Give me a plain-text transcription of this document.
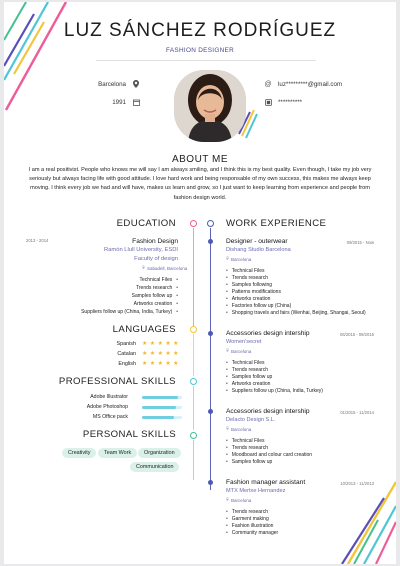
LUZ SÁNCHEZ RODRÍGUEZ
FASHION DESIGNER
Barcelona
1991
@ luz*********@gmail.com
**********
ABOUT ME
I am a real positivist. People who knows me will say I am always smiling, and I think this is my best quality. Even though, I take my job very seriously but always facing life with good attitude. I love hard work and being responsable of my own success, this makes me always keep moving. I think every job we had and will have, makes us learn and grow, so I just want to keep learning from experience and people from fashion design world.
EDUCATION	WORK EXPERIENCE
2013 - 2014	Fashion Design
Ramón Llull University, ESDI
Faculty of design
⌾ Sabadell, Barcelona
Technical Files •
Trends research •
Samples follow up •
Artworks creation •
Suppliers follow up (China, India, Turkey) •
LANGUAGES
Spanish ★ ★ ★ ★ ★
Catalan ★ ★ ★ ★ ★
English ★ ★ ★ ★ ★
PROFESSIONAL SKILLS
Adobe Illustrator
Adobe Photoshop
MS Office pack
PERSONAL SKILLS
Creativity	Team Work	Organization
Communication
Designer - outerwear	09/2015 - Now
Dishang Studio Barcelona
⌾ Barcelona
• Technical Files
• Trends research
• Samples following
• Patterns modifications
• Artworks creation
• Factories follow up (China)
• Shopping travels and fairs (Wenhai, Beijing, Shangai, Seoul)
Accessories design intership	06/2015 - 09/2015
Women'secret
⌾ Barcelona
• Technical Files
• Trends research
• Samples follow up
• Artworks creation
• Suppliers follow up (China, India, Turkey)
Accessories design intership	01/2015 - 11/2014
Delacto Design S.L.
⌾ Barcelona
• Technical Files
• Trends research
• Moodboard and colour card creation
• Samples follow up
Fashion manager assistant	10/2013 - 11/2013
MTX Mertxe Hernandez
⌾ Barcelona
• Trends research
• Garment making
• Fashion illustration
• Community manager
